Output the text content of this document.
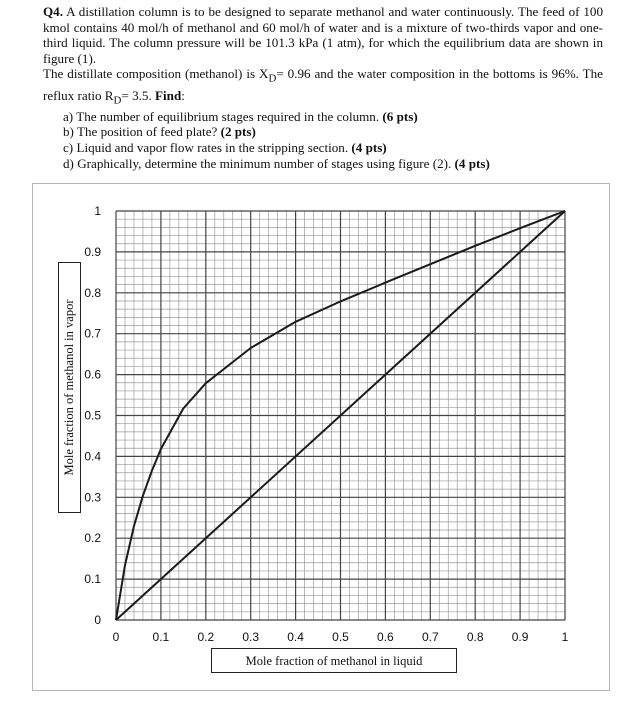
Q4. A distillation column is to be designed to separate methanol and water continuously. The feed of 100 kmol contains 40 mol/h of methanol and 60 mol/h of water and is a mixture of two-thirds vapor and one-third liquid. The column pressure will be 101.3 kPa (1 atm), for which the equilibrium data are shown in figure (1).

The distillate composition (methanol) is $X_D= 0.96$ and the water composition in the bottoms is 96%. The reflux ratio $R_D= 3.5$. Find:

a) The number of equilibrium stages required in the column. (6 pts)
b) The position of feed plate? (2 pts)
c) Liquid and vapor flow rates in the stripping section. (4 pts)
d) Graphically, determine the minimum number of stages using figure (2). (4 pts)
0	0.1 0.2 0.3 0.4 0.5 0.6 0.7 0.8 0.9	1
0
0.1
0.2
0.3
0.4
0.5
0.6
0.7
0.8
0.9
1
Mole fraction of methanol in vapor
Mole fraction of methanol in liquid
